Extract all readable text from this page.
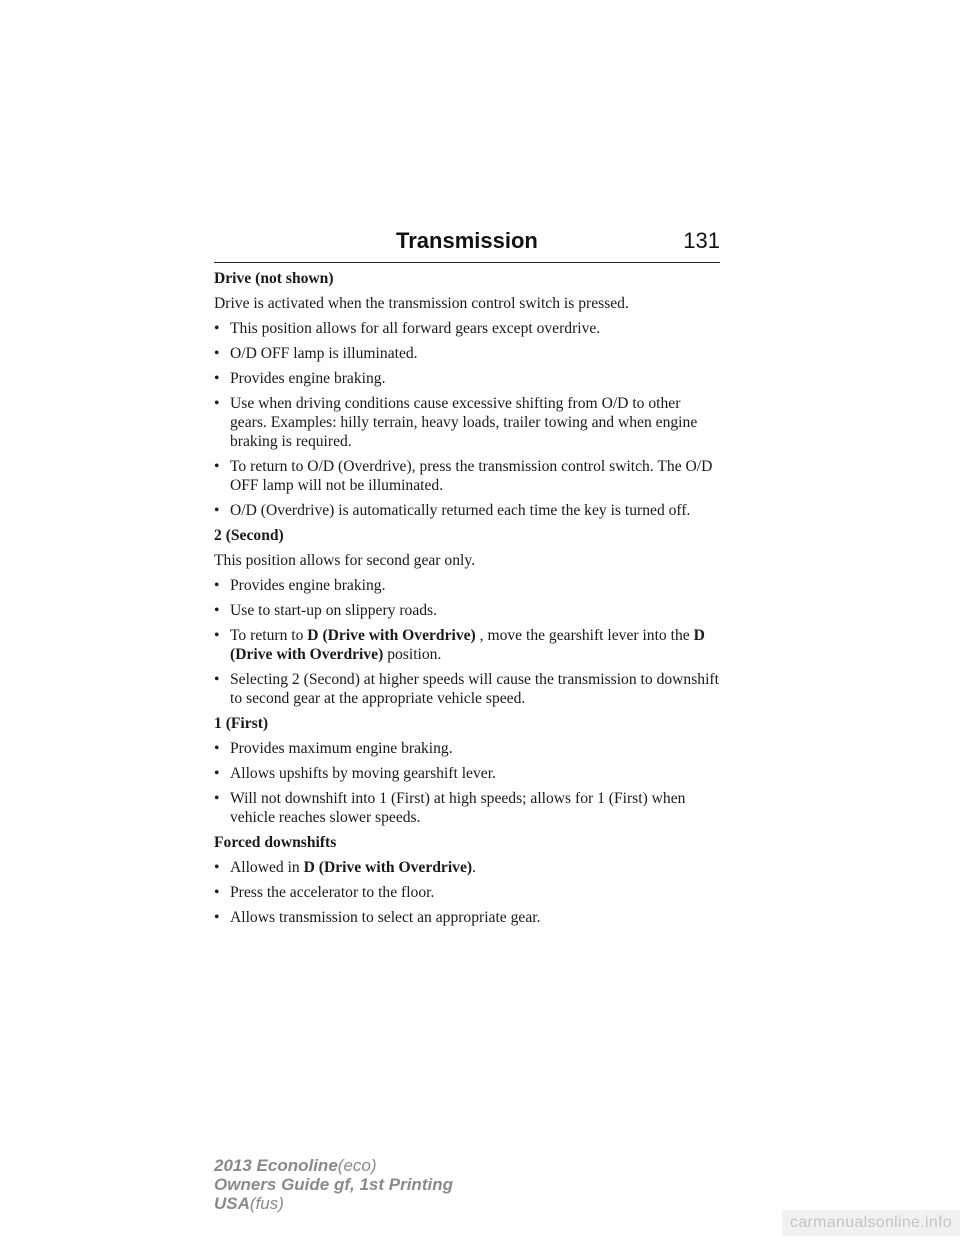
Transmission	131
Drive (not shown)
Drive is activated when the transmission control switch is pressed.
• This position allows for all forward gears except overdrive.
• O/D OFF lamp is illuminated.
• Provides engine braking.
• Use when driving conditions cause excessive shifting from O/D to other gears. Examples: hilly terrain, heavy loads, trailer towing and when engine braking is required.
• To return to O/D (Overdrive), press the transmission control switch. The O/D OFF lamp will not be illuminated.
• O/D (Overdrive) is automatically returned each time the key is turned off.
2 (Second)
This position allows for second gear only.
• Provides engine braking.
• Use to start-up on slippery roads.
• To return to D (Drive with Overdrive) , move the gearshift lever into the D (Drive with Overdrive) position.
• Selecting 2 (Second) at higher speeds will cause the transmission to downshift to second gear at the appropriate vehicle speed.
1 (First)
• Provides maximum engine braking.
• Allows upshifts by moving gearshift lever.
• Will not downshift into 1 (First) at high speeds; allows for 1 (First) when vehicle reaches slower speeds.
Forced downshifts
• Allowed in D (Drive with Overdrive).
• Press the accelerator to the floor.
• Allows transmission to select an appropriate gear.
2013 Econoline(eco)
Owners Guide gf, 1st Printing
USA(fus)
carmanualsonline.info
